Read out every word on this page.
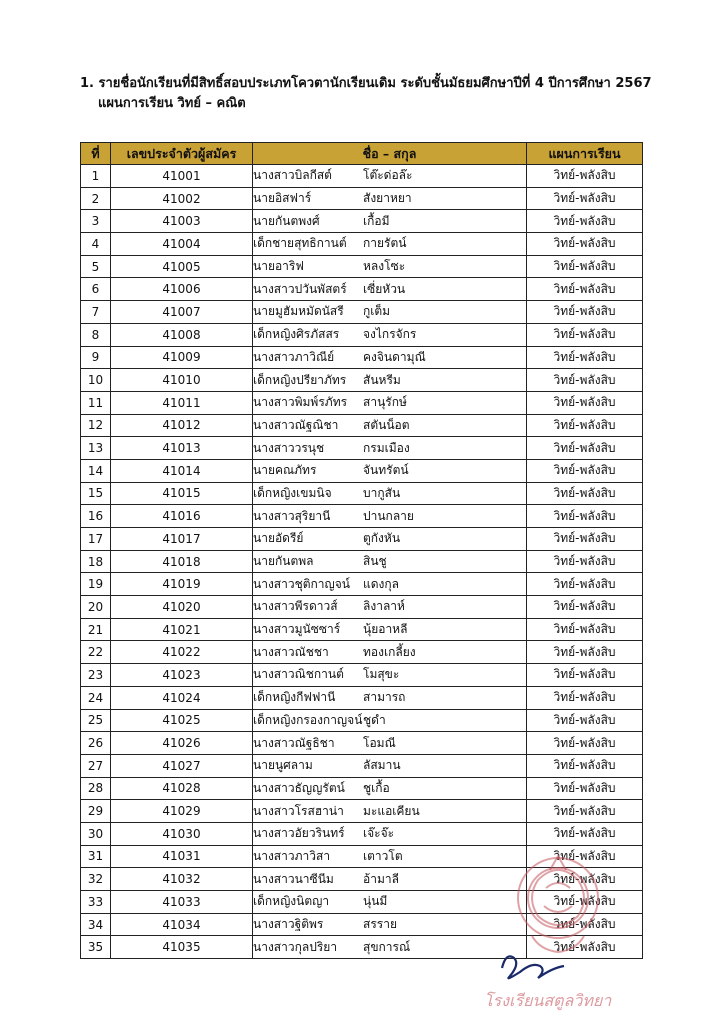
1. รายชื่อนักเรียนที่มีสิทธิ์สอบประเภทโควตานักเรียนเดิม ระดับชั้นมัธยมศึกษาปีที่ 4 ปีการศึกษา 2567
แผนการเรียน วิทย์ – คณิต
ที่	เลขประจำตัวผู้สมัคร	ชื่อ – สกุล	แผนการเรียน
1	41001	นางสาวบิลกีสต์ โต๊ะด่อล๊ะ	วิทย์-พลังสิบ
2	41002	นายอิสฟาร์ สังยาหยา	วิทย์-พลังสิบ
3	41003	นายกันตพงศ์ เกื้อมี	วิทย์-พลังสิบ
4	41004	เด็กชายสุทธิกานต์ กายรัตน์	วิทย์-พลังสิบ
5	41005	นายอาริฟ หลงโซะ	วิทย์-พลังสิบ
6	41006	นางสาวปวันพัสตร์ เซี่ยหัวน	วิทย์-พลังสิบ
7	41007	นายมูฮัมหมัดนัสรี กูเต็ม	วิทย์-พลังสิบ
8	41008	เด็กหญิงศิรภัสสร จงไกรจักร	วิทย์-พลังสิบ
9	41009	นางสาวภาวิณีย์ คงจินดามุณี	วิทย์-พลังสิบ
10	41010	เด็กหญิงปรียาภัทร สันหรีม	วิทย์-พลังสิบ
11	41011	นางสาวพิมพ์รภัทร สานุรักษ์	วิทย์-พลังสิบ
12	41012	นางสาวณัฐณิชา สตันน็อต	วิทย์-พลังสิบ
13	41013	นางสาววรนุช กรมเมือง	วิทย์-พลังสิบ
14	41014	นายคณภัทร จันทรัตน์	วิทย์-พลังสิบ
15	41015	เด็กหญิงเขมนิจ บากูสัน	วิทย์-พลังสิบ
16	41016	นางสาวสุริยานี ปานกลาย	วิทย์-พลังสิบ
17	41017	นายอัดรีย์ ตูกังหัน	วิทย์-พลังสิบ
18	41018	นายกันตพล สินชู	วิทย์-พลังสิบ
19	41019	นางสาวชุติกาญจน์ แดงกุล	วิทย์-พลังสิบ
20	41020	นางสาวพีรดาวส์ ลิงาลาห์	วิทย์-พลังสิบ
21	41021	นางสาวมูนัซซาร์ นุ้ยอาหลี	วิทย์-พลังสิบ
22	41022	นางสาวณัชชา ทองเกลี้ยง	วิทย์-พลังสิบ
23	41023	นางสาวณิชกานต์ โมสุขะ	วิทย์-พลังสิบ
24	41024	เด็กหญิงกีฟฟานี สามารถ	วิทย์-พลังสิบ
25	41025	เด็กหญิงกรองกาญจน์ชูดำ	วิทย์-พลังสิบ
26	41026	นางสาวณัฐธิชา โอมณี	วิทย์-พลังสิบ
27	41027	นายนูศลาม ลัสมาน	วิทย์-พลังสิบ
28	41028	นางสาวธัญญรัตน์ ชูเกื้อ	วิทย์-พลังสิบ
29	41029	นางสาวโรสฮาน่า มะแอเคียน	วิทย์-พลังสิบ
30	41030	นางสาวอัยวรินทร์ เจ๊ะจ๊ะ	วิทย์-พลังสิบ
31	41031	นางสาวภาวิสา เตาวโต	วิทย์-พลังสิบ
32	41032	นางสาวนาซีนีม อ้ามาลี	วิทย์-พลังสิบ
33	41033	เด็กหญิงนิตญา นุ่นมี	วิทย์-พลังสิบ
34	41034	นางสาวฐิติพร สรราย	วิทย์-พลังสิบ
35	41035	นางสาวกุลปริยา สุขการณ์	วิทย์-พลังสิบ
โรงเรียนสตูลวิทยา
